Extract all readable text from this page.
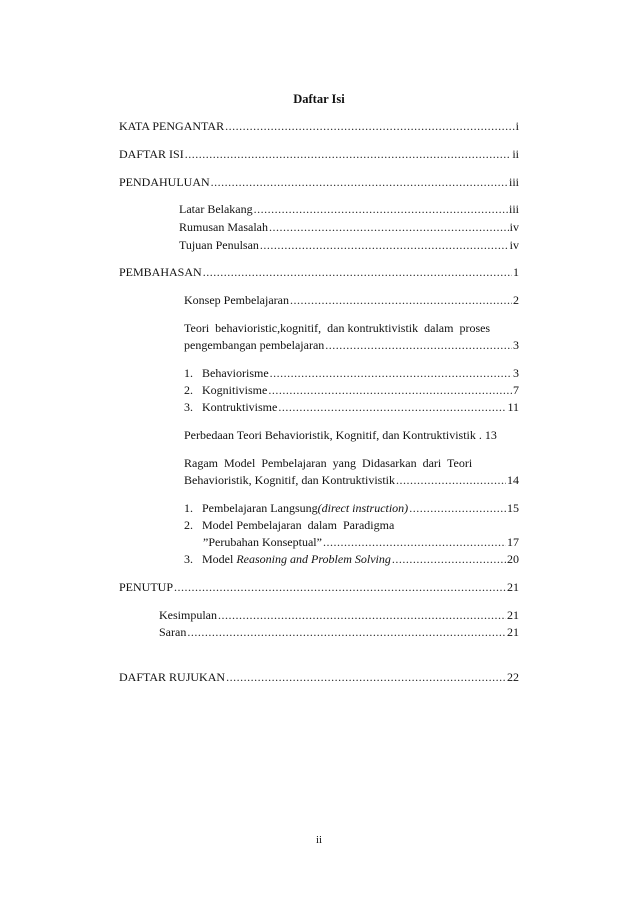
Daftar Isi
KATA PENGANTAR .....	i
DAFTAR ISI .....	ii
PENDAHULUAN .....	iii
Latar Belakang .....	iii
Rumusan Masalah .....	iv
Tujuan Penulsan .....	iv
PEMBAHASAN .....	1
Konsep Pembelajaran .....	2
Teori  behavioristic,kognitif,  dan kontruktivistik  dalam  proses
pengembangan pembelajaran .....	3
1.   Behaviorisme .....	3
2.   Kognitivisme .....	7
3.   Kontruktivisme .....	11
Perbedaan Teori Behavioristik, Kognitif, dan Kontruktivistik . 13
Ragam  Model  Pembelajaran  yang  Didasarkan  dari  Teori
Behavioristik, Kognitif, dan Kontruktivistik .....	14
1.   Pembelajaran Langsung(direct instruction) .....	15
2.   Model Pembelajaran  dalam  Paradigma
”Perubahan Konseptual” .....	17
3.   Model Reasoning and Problem Solving .....	20
PENUTUP .....	21
Kesimpulan .....	21
Saran .....	21
DAFTAR RUJUKAN .....	22
ii
